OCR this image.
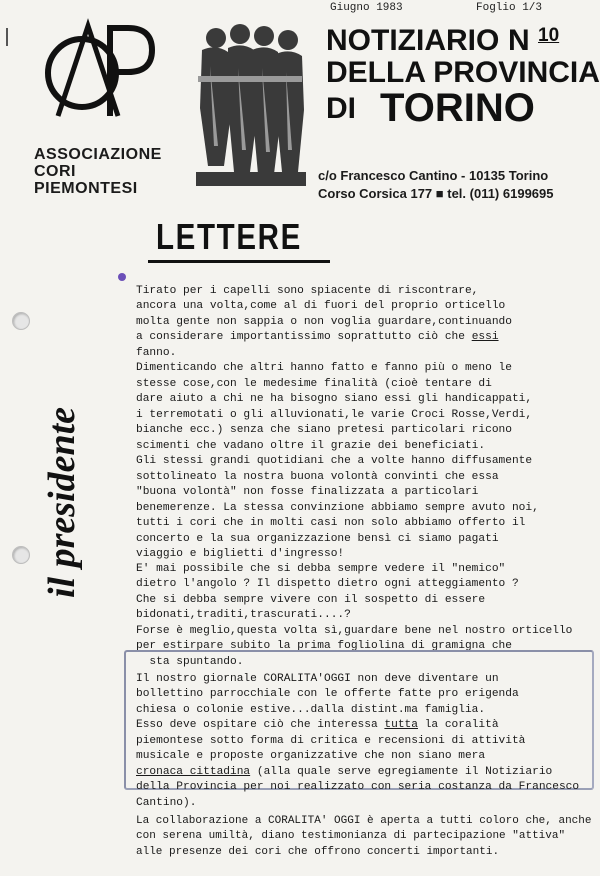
ASSOCIAZIONE
CORI
PIEMONTESI
Giugno 1983	Foglio 1/3
NOTIZIARIO N 10
DELLA PROVINCIA
DI TORINO
c/o Francesco Cantino - 10135 Torino
Corso Corsica 177 ■ tel. (011) 6199695
LETTERE
il presidente

Tirato per i capelli sono spiacente di riscontrare,
ancora una volta,come al di fuori del proprio orticello
molta gente non sappia o non voglia guardare,continuando
a considerare importantissimo soprattutto ciò che essi
fanno.
Dimenticando che altri hanno fatto e fanno più o meno le
stesse cose,con le medesime finalità (cioè tentare di
dare aiuto a chi ne ha bisogno siano essi gli handicappati,
i terremotati o gli alluvionati,le varie Croci Rosse,Verdi,
bianche ecc.) senza che siano pretesi particolari ricono
scimenti che vadano oltre il grazie dei beneficiati.
Gli stessi grandi quotidiani che a volte hanno diffusamente
sottolineato la nostra buona volontà convinti che essa
"buona volontà" non fosse finalizzata a particolari
benemerenze. La stessa convinzione abbiamo sempre avuto noi,
tutti i cori che in molti casi non solo abbiamo offerto il
concerto e la sua organizzazione bensì ci siamo pagati
viaggio e biglietti d'ingresso!

E' mai possibile che si debba sempre vedere il "nemico"
dietro l'angolo ? Il dispetto dietro ogni atteggiamento ?
Che si debba sempre vivere con il sospetto di essere
bidonati,traditi,trascurati....?
Forse è meglio,questa volta sì,guardare bene nel nostro orticello
per estirpare subito la prima fogliolina di gramigna che
sta spuntando.

Il nostro giornale CORALITA'OGGI non deve diventare un
bollettino parrocchiale con le offerte fatte pro erigenda
chiesa o colonie estive...dalla distint.ma famiglia.
Esso deve ospitare ciò che interessa tutta la coralità
piemontese sotto forma di critica e recensioni di attività
musicale e proposte organizzative che non siano mera
cronaca cittadina (alla quale serve egregiamente il Notiziario
della Provincia per noi realizzato con seria costanza da Francesco
Cantino).

La collaborazione a CORALITA' OGGI è aperta a tutti coloro che, anche
con serena umiltà, diano testimonianza di partecipazione "attiva"
alle presenze dei cori che offrono concerti importanti.
